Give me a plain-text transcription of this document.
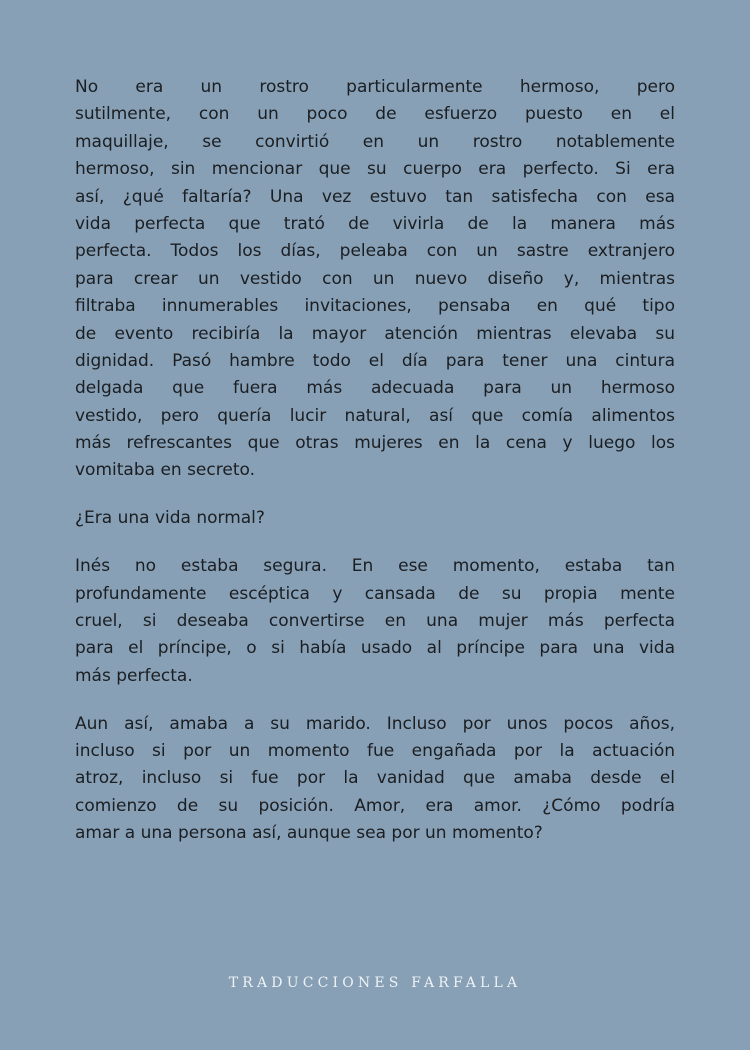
No era un rostro particularmente hermoso, pero
sutilmente, con un poco de esfuerzo puesto en el
maquillaje, se convirtió en un rostro notablemente
hermoso, sin mencionar que su cuerpo era perfecto. Si era
así, ¿qué faltaría? Una vez estuvo tan satisfecha con esa
vida perfecta que trató de vivirla de la manera más
perfecta. Todos los días, peleaba con un sastre extranjero
para crear un vestido con un nuevo diseño y, mientras
filtraba innumerables invitaciones, pensaba en qué tipo
de evento recibiría la mayor atención mientras elevaba su
dignidad. Pasó hambre todo el día para tener una cintura
delgada que fuera más adecuada para un hermoso
vestido, pero quería lucir natural, así que comía alimentos
más refrescantes que otras mujeres en la cena y luego los
vomitaba en secreto.
¿Era una vida normal?
Inés no estaba segura. En ese momento, estaba tan
profundamente escéptica y cansada de su propia mente
cruel, si deseaba convertirse en una mujer más perfecta
para el príncipe, o si había usado al príncipe para una vida
más perfecta.
Aun así, amaba a su marido. Incluso por unos pocos años,
incluso si por un momento fue engañada por la actuación
atroz, incluso si fue por la vanidad que amaba desde el
comienzo de su posición. Amor, era amor. ¿Cómo podría
amar a una persona así, aunque sea por un momento?
TRADUCCIONES FARFALLA
